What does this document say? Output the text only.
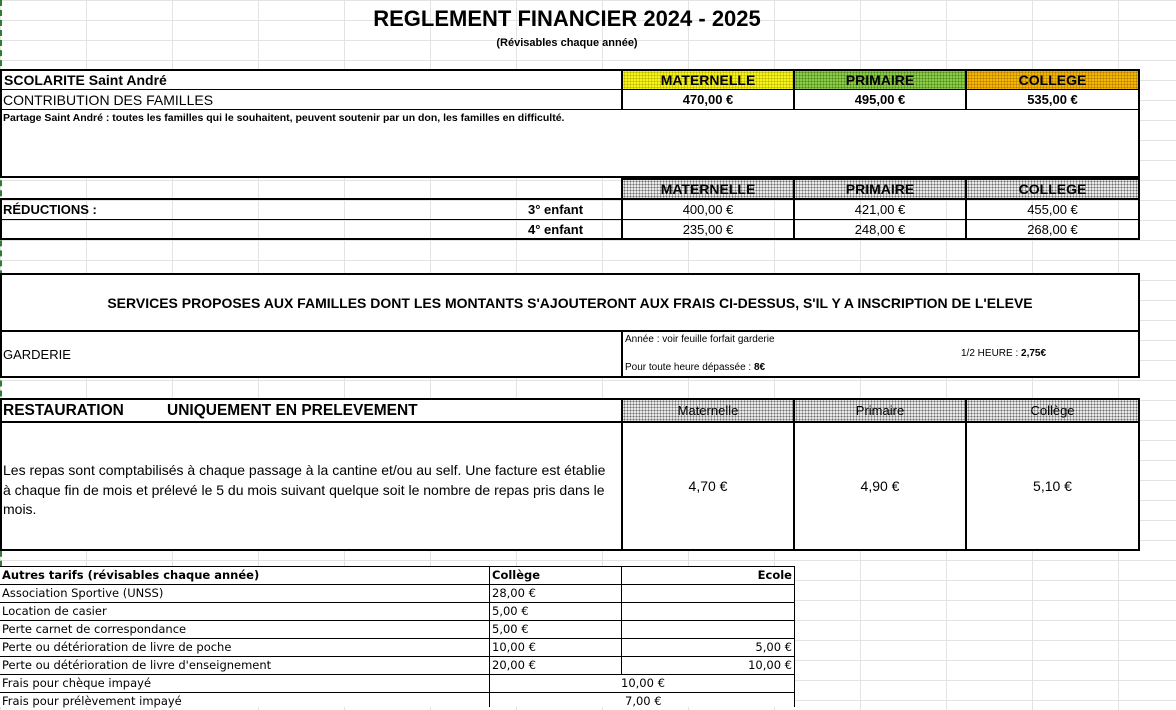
REGLEMENT FINANCIER 2024 - 2025
(Révisables chaque année)
SCOLARITE Saint André	MATERNELLE	PRIMAIRE	COLLEGE
CONTRIBUTION DES FAMILLES	470,00 €	495,00 €	535,00 €
Partage Saint André : toutes les familles qui le souhaitent, peuvent soutenir par un don, les familles en difficulté.
MATERNELLE	PRIMAIRE	COLLEGE
RÉDUCTIONS :	3° enfant	400,00 €	421,00 €	455,00 €
4° enfant	235,00 €	248,00 €	268,00 €
SERVICES PROPOSES AUX FAMILLES DONT LES MONTANTS S'AJOUTERONT AUX FRAIS CI-DESSUS, S'IL Y A INSCRIPTION DE L'ELEVE
GARDERIE
Année : voir feuille forfait garderie
Pour toute heure dépassée : 8€
1/2 HEURE : 2,75€
RESTAURATION	UNIQUEMENT EN PRELEVEMENT	Maternelle	Primaire	Collège
Les repas sont comptabilisés à chaque passage à la cantine et/ou au self. Une facture est établie à chaque fin de mois et prélevé le 5 du mois suivant quelque soit le nombre de repas pris dans le mois.
4,70 €	4,90 €	5,10 €
Autres tarifs (révisables chaque année)	Collège	Ecole
Association Sportive (UNSS)	28,00 €
Location de casier	5,00 €
Perte carnet de correspondance	5,00 €
Perte ou détérioration de livre de poche	10,00 €	5,00 €
Perte ou détérioration de livre d'enseignement	20,00 €	10,00 €
Frais pour chèque impayé	10,00 €
Frais pour prélèvement impayé	7,00 €
